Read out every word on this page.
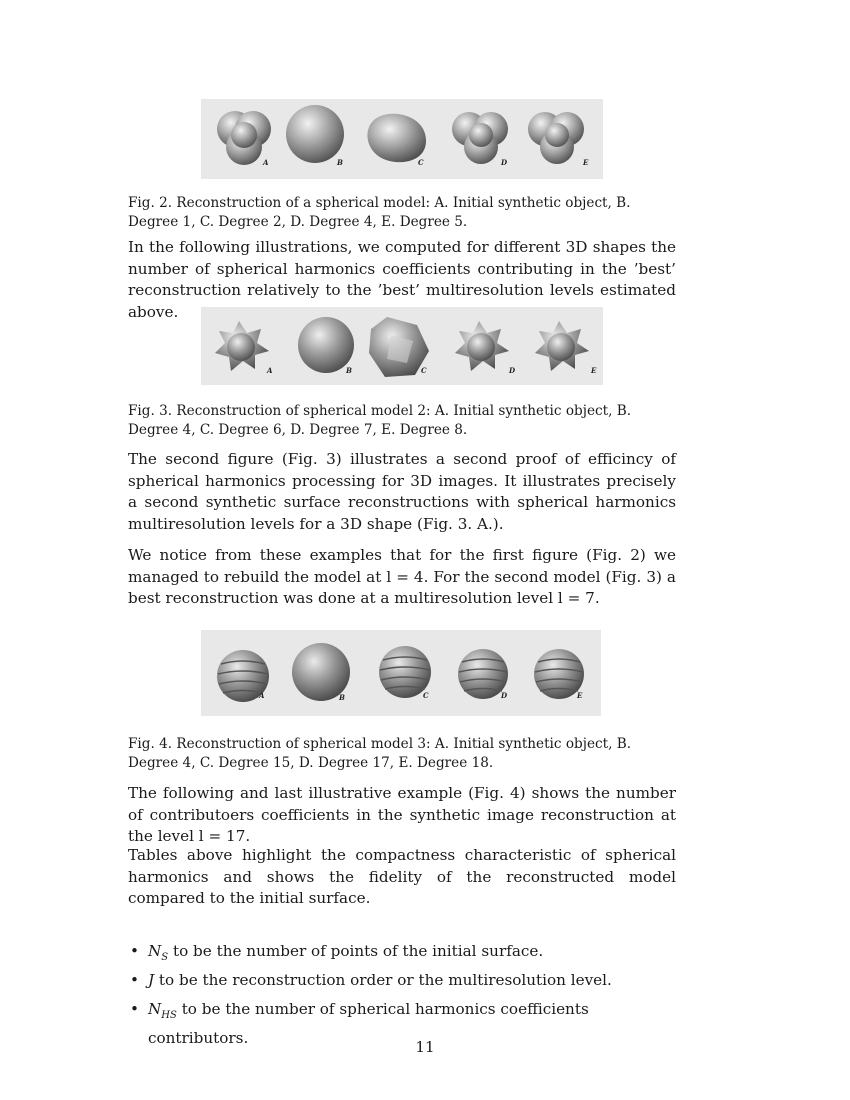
A	B	C	D	E
Fig. 2. Reconstruction of a spherical model: A. Initial synthetic object, B. Degree 1, C. Degree 2, D. Degree 4, E. Degree 5.

In the following illustrations, we computed for different 3D shapes the number of spherical harmonics coefficients contributing in the ’best’ reconstruction relatively to the ’best’ multiresolution levels estimated above.

A	B	C	D	E
Fig. 3. Reconstruction of spherical model 2: A. Initial synthetic object, B. Degree 4, C. Degree 6, D. Degree 7, E. Degree 8.

The second figure (Fig. 3) illustrates a second proof of efficincy of spherical harmonics processing for 3D images. It illustrates precisely a second synthetic surface reconstructions with spherical harmonics multiresolution levels for a 3D shape (Fig. 3. A.).

We notice from these examples that for the first figure (Fig. 2) we managed to rebuild the model at l = 4. For the second model (Fig. 3) a best reconstruction was done at a multiresolution level l = 7.

A	B	C	D	E
Fig. 4. Reconstruction of spherical model 3: A. Initial synthetic object, B. Degree 4, C. Degree 15, D. Degree 17, E. Degree 18.

The following and last illustrative example (Fig. 4) shows the number of contributoers coefficients in the synthetic image reconstruction at the level l = 17.

Tables above highlight the compactness characteristic of spherical harmonics and shows the fidelity of the reconstructed model compared to the initial surface.

• $N_S$ to be the number of points of the initial surface.
• J to be the reconstruction order or the multiresolution level.
• $N_{HS}$ to be the number of spherical harmonics coefficients contributors.	11
